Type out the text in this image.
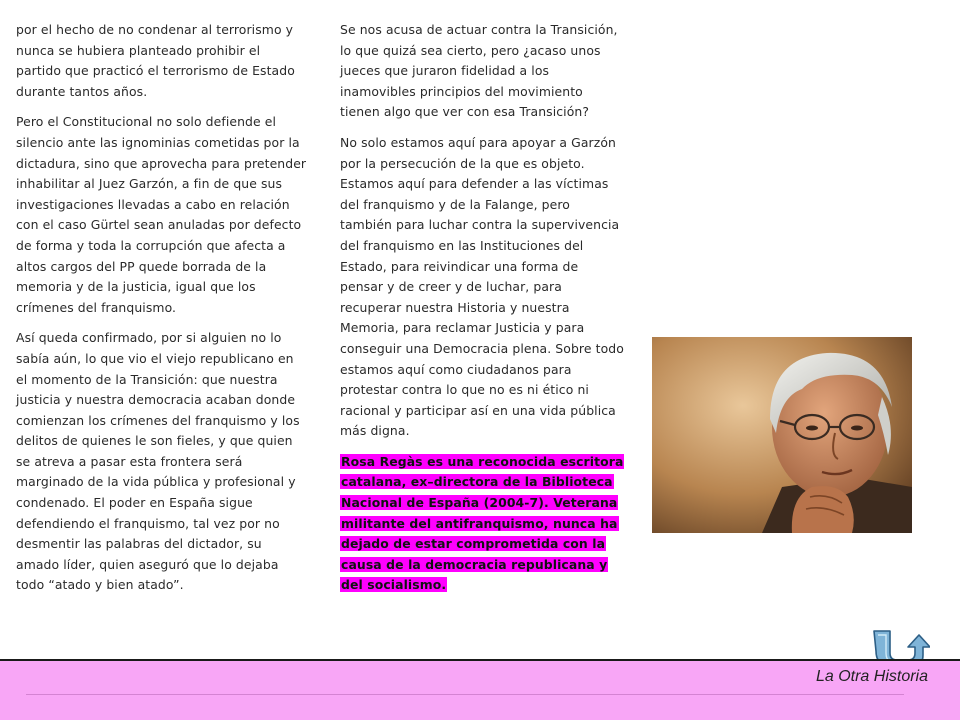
por el hecho de no condenar al terrorismo y nunca se hubiera planteado prohibir el partido que practicó el terrorismo de Estado durante tantos años.

Pero el Constitucional no solo defiende el silencio ante las ignominias cometidas por la dictadura, sino que aprovecha para pretender inhabilitar al Juez Garzón, a fin de que sus investigaciones llevadas a cabo en relación con el caso Gürtel sean anuladas por defecto de forma y toda la corrupción que afecta a altos cargos del PP quede borrada de la memoria y de la justicia, igual que los crímenes del franquismo.

Así queda confirmado, por si alguien no lo sabía aún, lo que vio el viejo republicano en el momento de la Transición: que nuestra justicia y nuestra democracia acaban donde comienzan los crímenes del franquismo y los delitos de quienes le son fieles, y que quien se atreva a pasar esta frontera será marginado de la vida pública y profesional y condenado. El poder en España sigue defendiendo el franquismo, tal vez por no desmentir las palabras del dictador, su amado líder, quien aseguró que lo dejaba todo “atado y bien atado”.

Se nos acusa de actuar contra la Transición, lo que quizá sea cierto, pero ¿acaso unos jueces que juraron fidelidad a los inamovibles principios del movimiento tienen algo que ver con esa Transición?

No solo estamos aquí para apoyar a Garzón por la persecución de la que es objeto. Estamos aquí para defender a las víctimas del franquismo y de la Falange, pero también para luchar contra la supervivencia del franquismo en las Instituciones del Estado, para reivindicar una forma de pensar y de creer y de luchar, para recuperar nuestra Historia y nuestra Memoria, para reclamar Justicia y para conseguir una Democracia plena. Sobre todo estamos aquí como ciudadanos para protestar contra lo que no es ni ético ni racional y participar así en una vida pública más digna.

Rosa Regàs es una reconocida escritora catalana, ex–directora de la Biblioteca Nacional de España (2004-7). Veterana militante del antifranquismo, nunca ha dejado de estar comprometida con la causa de la democracia republicana y del socialismo.

La Otra Historia
